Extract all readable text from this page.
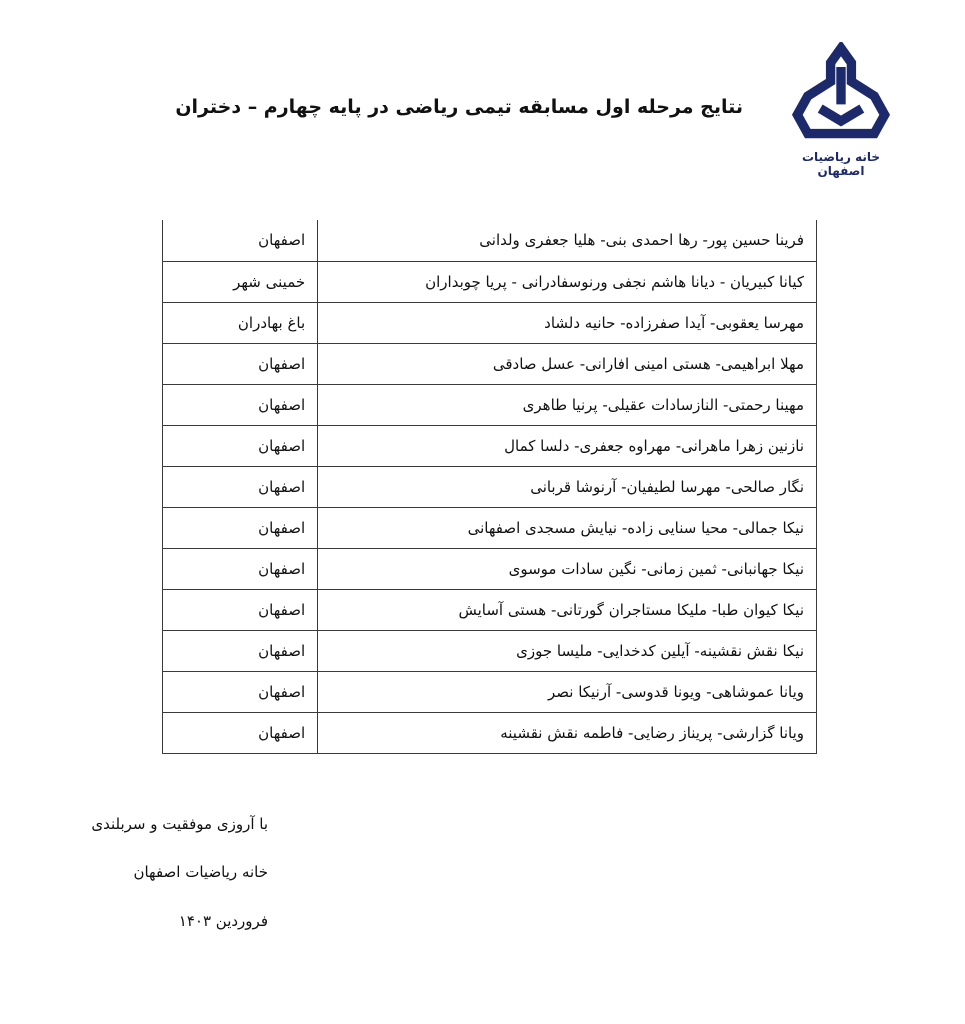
خانه ریاضیات اصفهان
نتایج مرحله اول مسابقه تیمی ریاضی در پایه چهارم – دختران
فرینا حسین پور- رها احمدی بنی- هلیا جعفری ولدانی	اصفهان
کیانا کبیریان - دیانا هاشم نجفی ورنوسفادرانی - پریا چوبداران	خمینی شهر
مهرسا یعقوبی- آیدا صفرزاده- حانیه دلشاد	باغ بهادران
مهلا ابراهیمی- هستی امینی افارانی- عسل صادقی	اصفهان
مهینا رحمتی- النازسادات عقیلی- پرنیا طاهری	اصفهان
نازنین زهرا ماهرانی- مهراوه جعفری- دلسا کمال	اصفهان
نگار صالحی- مهرسا لطیفیان- آرنوشا قربانی	اصفهان
نیکا جمالی- محیا سنایی زاده- نیایش مسجدی اصفهانی	اصفهان
نیکا جهانبانی- ثمین زمانی- نگین سادات موسوی	اصفهان
نیکا کیوان طبا- ملیکا مستاجران گورتانی- هستی آسایش	اصفهان
نیکا نقش نقشینه- آیلین کدخدایی- ملیسا جوزی	اصفهان
ویانا عموشاهی- ویونا قدوسی- آرنیکا نصر	اصفهان
ویانا گزارشی- پریناز رضایی- فاطمه نقش نقشینه	اصفهان
با آروزی موفقیت و سربلندی
خانه ریاضیات اصفهان
فروردین ۱۴۰۳
